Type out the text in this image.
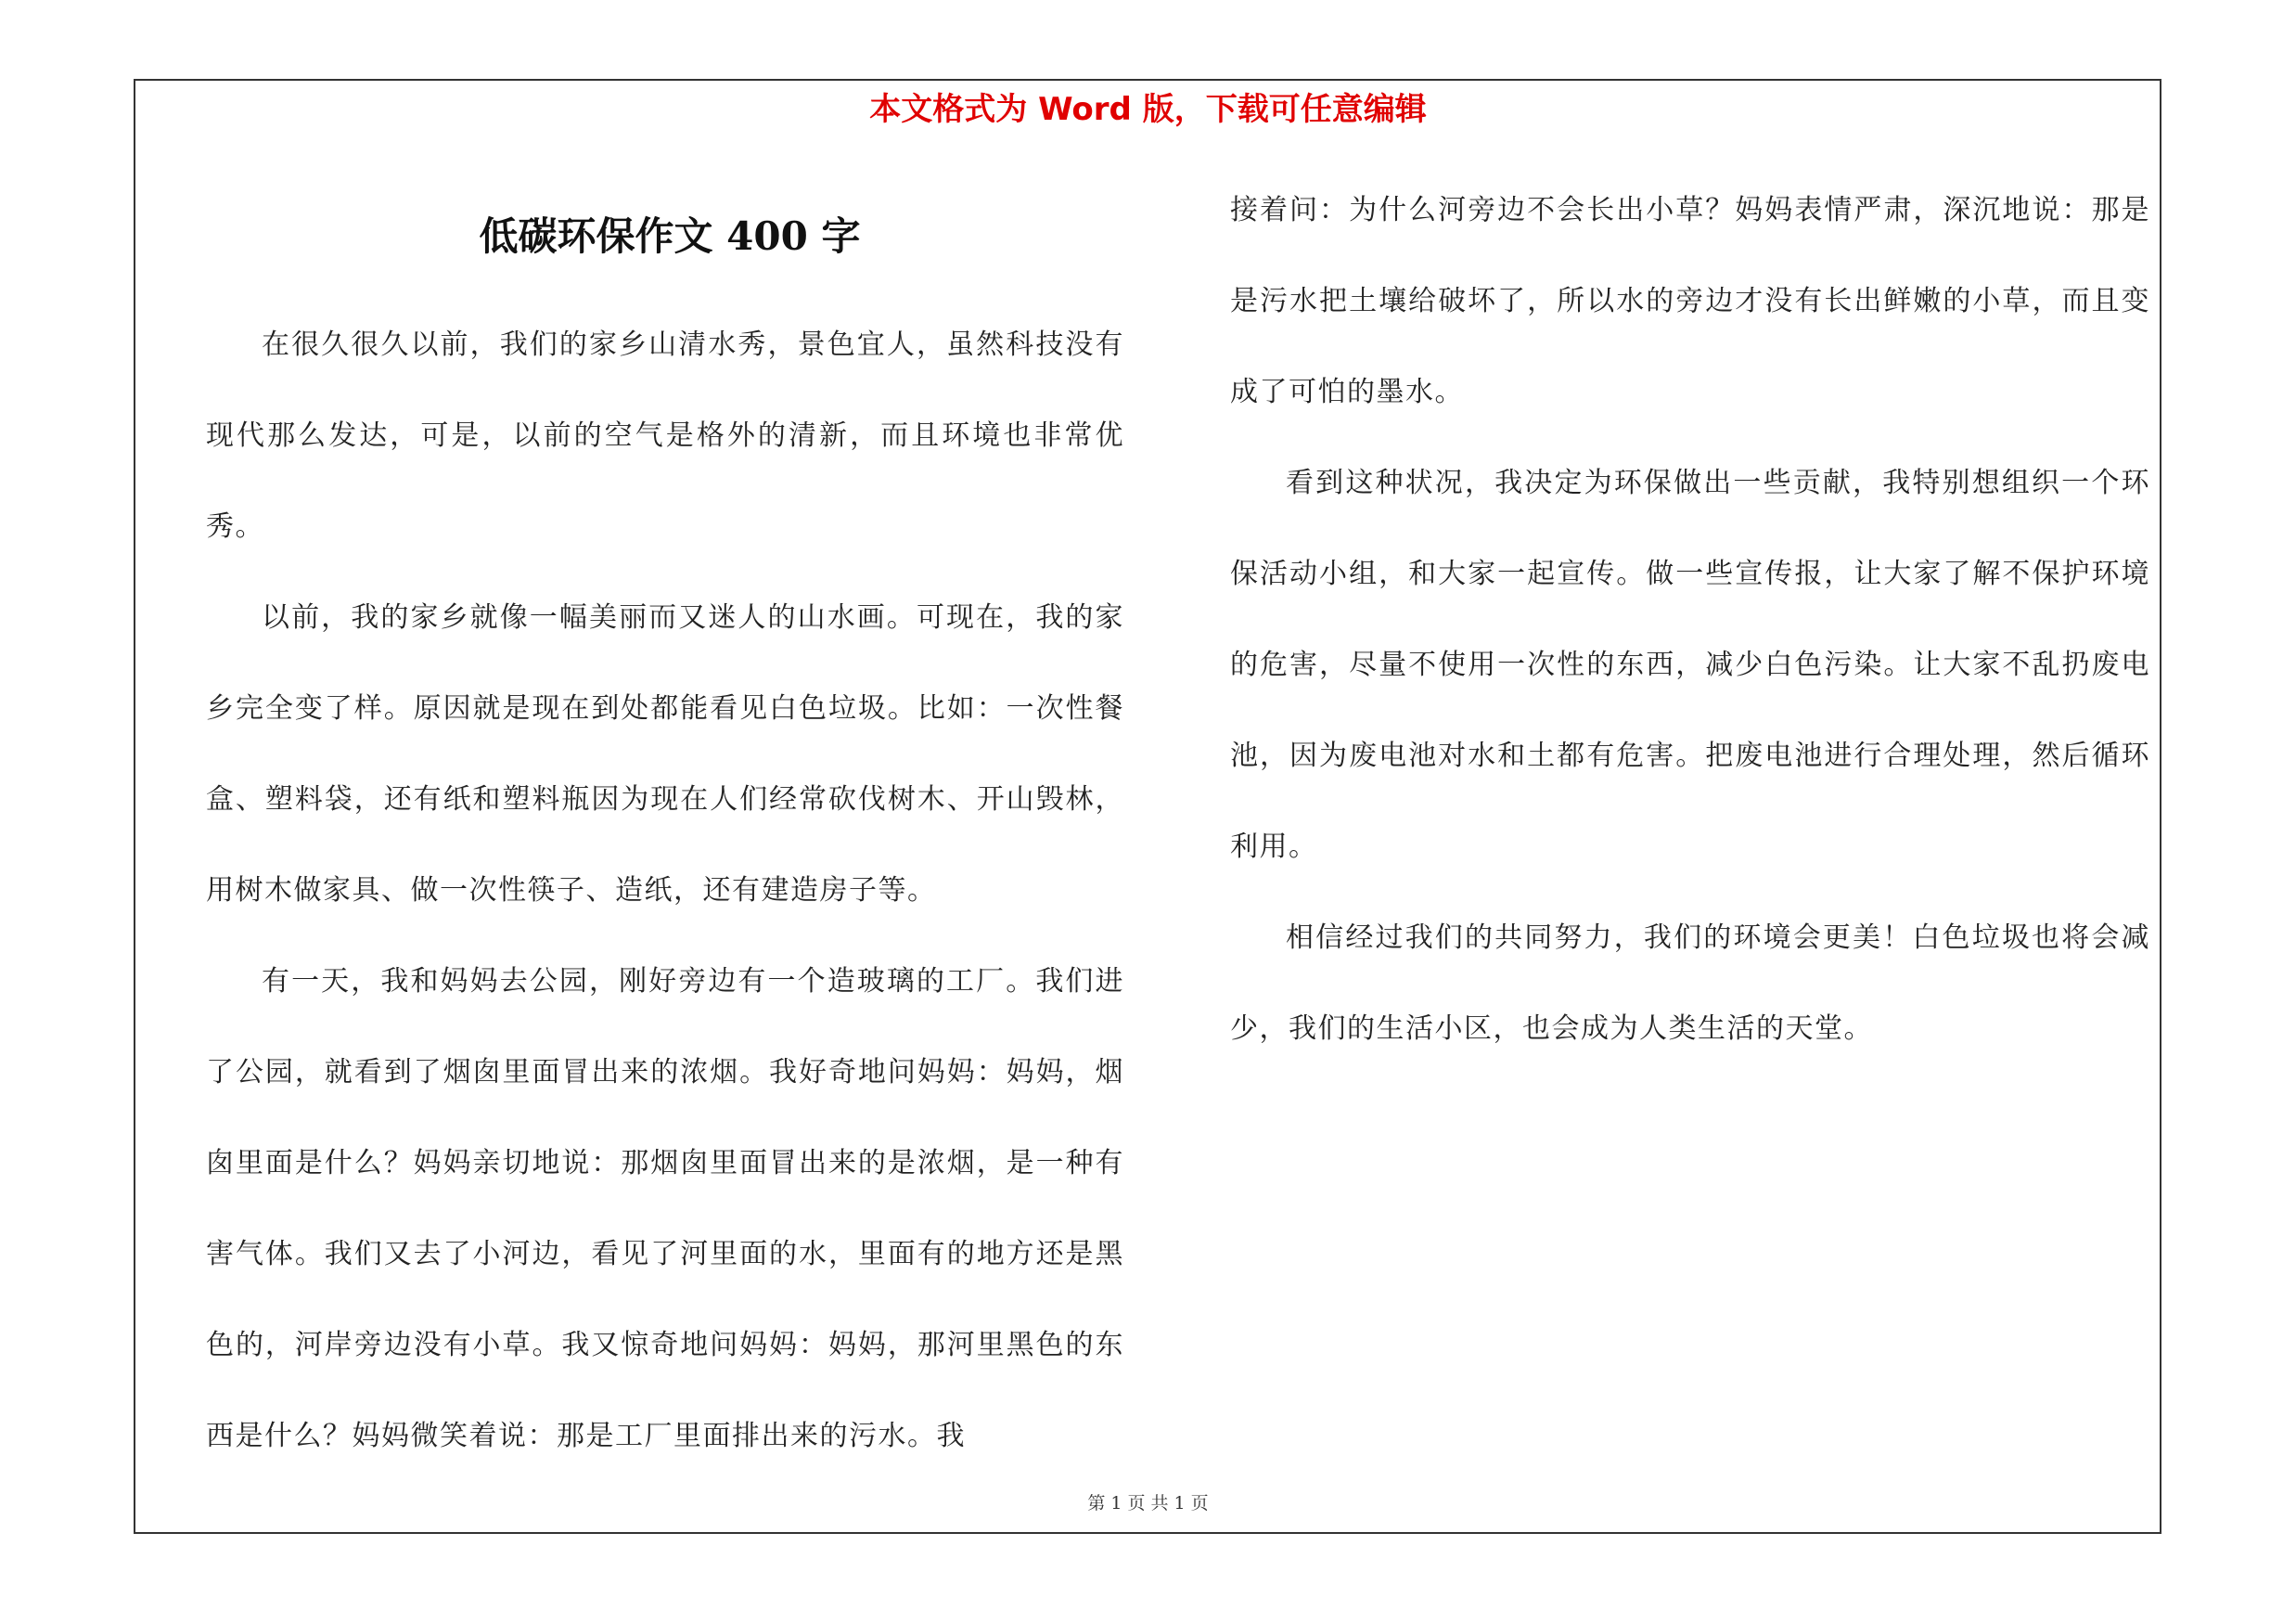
本文格式为 Word 版，下载可任意编辑
低碳环保作文 400 字

在很久很久以前，我们的家乡山清水秀，景色宜人，虽然科技没有现代那么发达，可是，以前的空气是格外的清新，而且环境也非常优秀。

以前，我的家乡就像一幅美丽而又迷人的山水画。可现在，我的家乡完全变了样。原因就是现在到处都能看见白色垃圾。比如：一次性餐盒、塑料袋，还有纸和塑料瓶因为现在人们经常砍伐树木、开山毁林，用树木做家具、做一次性筷子、造纸，还有建造房子等。

有一天，我和妈妈去公园，刚好旁边有一个造玻璃的工厂。我们进了公园，就看到了烟囱里面冒出来的浓烟。我好奇地问妈妈：妈妈，烟囱里面是什么？妈妈亲切地说：那烟囱里面冒出来的是浓烟，是一种有害气体。我们又去了小河边，看见了河里面的水，里面有的地方还是黑色的，河岸旁边没有小草。我又惊奇地问妈妈：妈妈，那河里黑色的东西是什么？妈妈微笑着说：那是工厂里面排出来的污水。我

接着问：为什么河旁边不会长出小草？妈妈表情严肃，深沉地说：那是是污水把土壤给破坏了，所以水的旁边才没有长出鲜嫩的小草，而且变成了可怕的墨水。

看到这种状况，我决定为环保做出一些贡献，我特别想组织一个环保活动小组，和大家一起宣传。做一些宣传报，让大家了解不保护环境的危害，尽量不使用一次性的东西，减少白色污染。让大家不乱扔废电池，因为废电池对水和土都有危害。把废电池进行合理处理，然后循环利用。

相信经过我们的共同努力，我们的环境会更美！白色垃圾也将会减少，我们的生活小区，也会成为人类生活的天堂。

第 1 页 共 1 页
